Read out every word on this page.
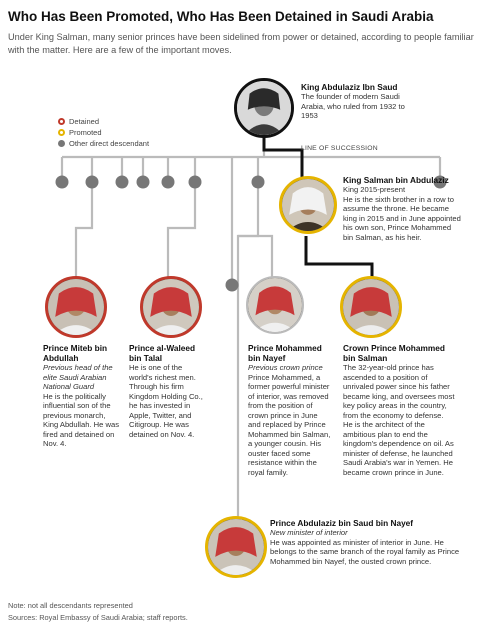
Who Has Been Promoted, Who Has Been Detained in Saudi Arabia
Under King Salman, many senior princes have been sidelined from power or detained, according to people familiar with the matter. Here are a few of the important moves.
Detained
Promoted
Other direct descendant
LINE OF SUCCESSION
King Abdulaziz Ibn Saud
The founder of modern Saudi Arabia, who ruled from 1932 to 1953
King Salman bin Abdulaziz
King 2015-present
He is the sixth brother in a row to assume the throne. He became king in 2015 and in June appointed his own son, Prince Mohammed bin Salman, as his heir.
Prince Miteb bin Abdullah
Previous head of the elite Saudi Arabian National Guard
He is the politically influential son of the previous monarch, King Abdullah. He was fired and detained on Nov. 4.
Prince al-Waleed bin Talal
He is one of the world's richest men. Through his firm Kingdom Holding Co., he has invested in Apple, Twitter, and Citigroup. He was detained on Nov. 4.
Prince Mohammed bin Nayef
Previous crown prince
Prince Mohammed, a former powerful minister of interior, was removed from the position of crown prince in June and replaced by Prince Mohammed bin Salman, a younger cousin. His ouster faced some resistance within the royal family.
Crown Prince Mohammed bin Salman
The 32-year-old prince has ascended to a position of unrivaled power since his father became king, and oversees most key policy areas in the country, from the economy to defense. He is the architect of the ambitious plan to end the kingdom's dependence on oil. As minister of defense, he launched Saudi Arabia's war in Yemen. He became crown prince in June.
Prince Abdulaziz bin Saud bin Nayef
New minister of interior
He was appointed as minister of interior in June. He belongs to the same branch of the royal family as Prince Mohammed bin Nayef, the ousted crown prince.
Note: not all descendants represented
Sources: Royal Embassy of Saudi Arabia; staff reports.
